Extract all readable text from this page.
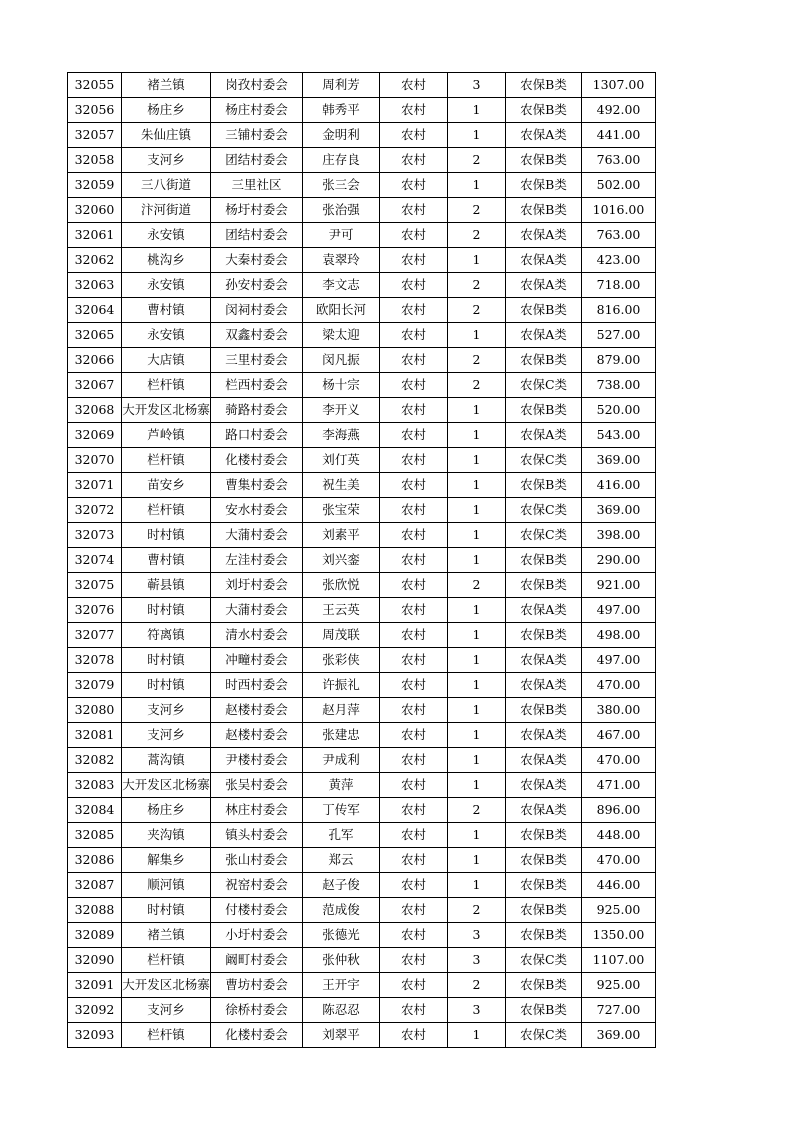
32055	褚兰镇	岗孜村委会	周利芳	农村	3	农保B类	1307.00
32056	杨庄乡	杨庄村委会	韩秀平	农村	1	农保B类	492.00
32057	朱仙庄镇	三铺村委会	金明利	农村	1	农保A类	441.00
32058	支河乡	团结村委会	庄存良	农村	2	农保B类	763.00
32059	三八街道	三里社区	张三会	农村	1	农保B类	502.00
32060	汴河街道	杨圩村委会	张治强	农村	2	农保B类	1016.00
32061	永安镇	团结村委会	尹可	农村	2	农保A类	763.00
32062	桃沟乡	大秦村委会	袁翠玲	农村	1	农保A类	423.00
32063	永安镇	孙安村委会	李文志	农村	2	农保A类	718.00
32064	曹村镇	闵祠村委会	欧阳长河	农村	2	农保B类	816.00
32065	永安镇	双鑫村委会	梁太迎	农村	1	农保A类	527.00
32066	大店镇	三里村委会	闵凡振	农村	2	农保B类	879.00
32067	栏杆镇	栏西村委会	杨十宗	农村	2	农保C类	738.00
32068	大开发区北杨寨	骑路村委会	李开义	农村	1	农保B类	520.00
32069	芦岭镇	路口村委会	李海燕	农村	1	农保A类	543.00
32070	栏杆镇	化楼村委会	刘仃英	农村	1	农保C类	369.00
32071	苗安乡	曹集村委会	祝生美	农村	1	农保B类	416.00
32072	栏杆镇	安水村委会	张宝荣	农村	1	农保C类	369.00
32073	时村镇	大蒲村委会	刘素平	农村	1	农保C类	398.00
32074	曹村镇	左洼村委会	刘兴銮	农村	1	农保B类	290.00
32075	蕲县镇	刘圩村委会	张欣悦	农村	2	农保B类	921.00
32076	时村镇	大蒲村委会	王云英	农村	1	农保A类	497.00
32077	符离镇	清水村委会	周茂联	农村	1	农保B类	498.00
32078	时村镇	冲疃村委会	张彩侠	农村	1	农保A类	497.00
32079	时村镇	时西村委会	许振礼	农村	1	农保A类	470.00
32080	支河乡	赵楼村委会	赵月萍	农村	1	农保B类	380.00
32081	支河乡	赵楼村委会	张建忠	农村	1	农保A类	467.00
32082	蒿沟镇	尹楼村委会	尹成利	农村	1	农保A类	470.00
32083	大开发区北杨寨	张吴村委会	黄萍	农村	1	农保A类	471.00
32084	杨庄乡	林庄村委会	丁传军	农村	2	农保A类	896.00
32085	夹沟镇	镇头村委会	孔军	农村	1	农保B类	448.00
32086	解集乡	张山村委会	郑云	农村	1	农保B类	470.00
32087	顺河镇	祝窑村委会	赵子俊	农村	1	农保B类	446.00
32088	时村镇	付楼村委会	范成俊	农村	2	农保B类	925.00
32089	褚兰镇	小圩村委会	张德光	农村	3	农保B类	1350.00
32090	栏杆镇	阚町村委会	张仲秋	农村	3	农保C类	1107.00
32091	大开发区北杨寨	曹坊村委会	王开宇	农村	2	农保B类	925.00
32092	支河乡	徐桥村委会	陈忍忍	农村	3	农保B类	727.00
32093	栏杆镇	化楼村委会	刘翠平	农村	1	农保C类	369.00
